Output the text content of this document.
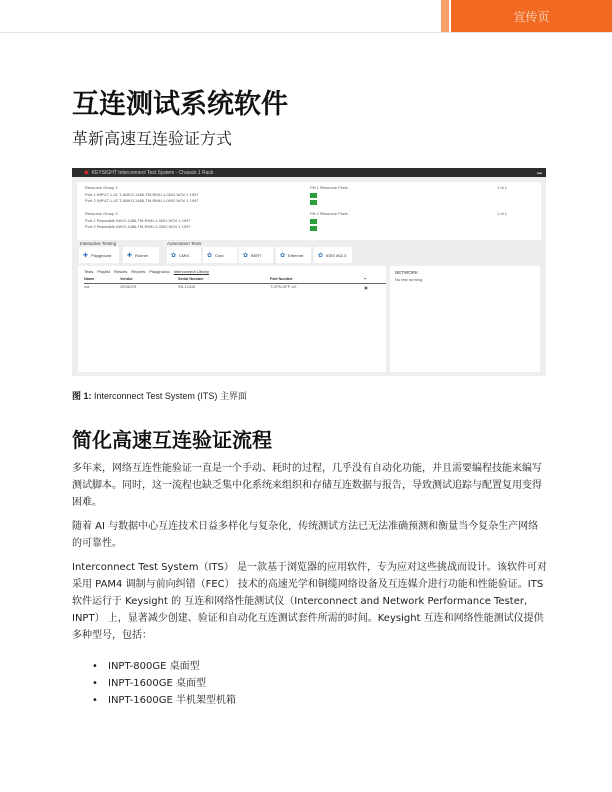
宣传页
互连测试系统软件
革新高速互连验证方式
◆ KEYSIGHT Interconnect Test System - Chassis 1 Rack	▬
Resource Group 1
Port 1 INPUT-1-41 T-ANKO-1486-TM-RMH-1-0001 NOV 1 1997
Port 2 INPUT-1-42 T-ANKO-1486-TM-RMH-1-0002 NOV 1 1997
PN 1 Resource Ports	1 of 1
Resource Group 2
Port 1 Reputable INKO-1486-TM-RMH-1-0001 NOV 1 1997
Port 2 Reputable INKO-1486-TM-RMH-1-0002 NOV 1 1997
PN 2 Resource Ports	1 of 1
Interactive Testing	Automation Tests
✚ Playground	✚ Runner	✿ CMIS	✿ Cmd	✿ BERT	✿ Ethernet ✿ IEEE 802.3
Tests Playlist Results Reports Playground Interconnect Library
Name	Vendor	Serial Number	Part Number	+
n/a	VENDOR	SN-12345	T-GPN-SFP-XX	▣
NETWORK
No test running
图 1: Interconnect Test System (ITS) 主界面
简化高速互连验证流程
多年来，网络互连性能验证一直是一个手动、耗时的过程，几乎没有自动化功能，并且需要编程技能来编写测试脚本。同时，这一流程也缺乏集中化系统来组织和存储互连数据与报告，导致测试追踪与配置复用变得困难。
随着 AI 与数据中心互连技术日益多样化与复杂化，传统测试方法已无法准确预测和衡量当今复杂生产网络的可靠性。
Interconnect Test System（ITS） 是一款基于浏览器的应用软件，专为应对这些挑战而设计。该软件可对采用 PAM4 调制与前向纠错（FEC） 技术的高速光学和铜缆网络设备及互连媒介进行功能和性能验证。ITS 软件运行于 Keysight 的 互连和网络性能测试仪（Interconnect and Network Performance Tester, INPT） 上，显著减少创建、验证和自动化互连测试套件所需的时间。Keysight 互连和网络性能测试仪提供多种型号，包括：
• INPT-800GE 桌面型
• INPT-1600GE 桌面型
• INPT-1600GE 半机架型机箱
